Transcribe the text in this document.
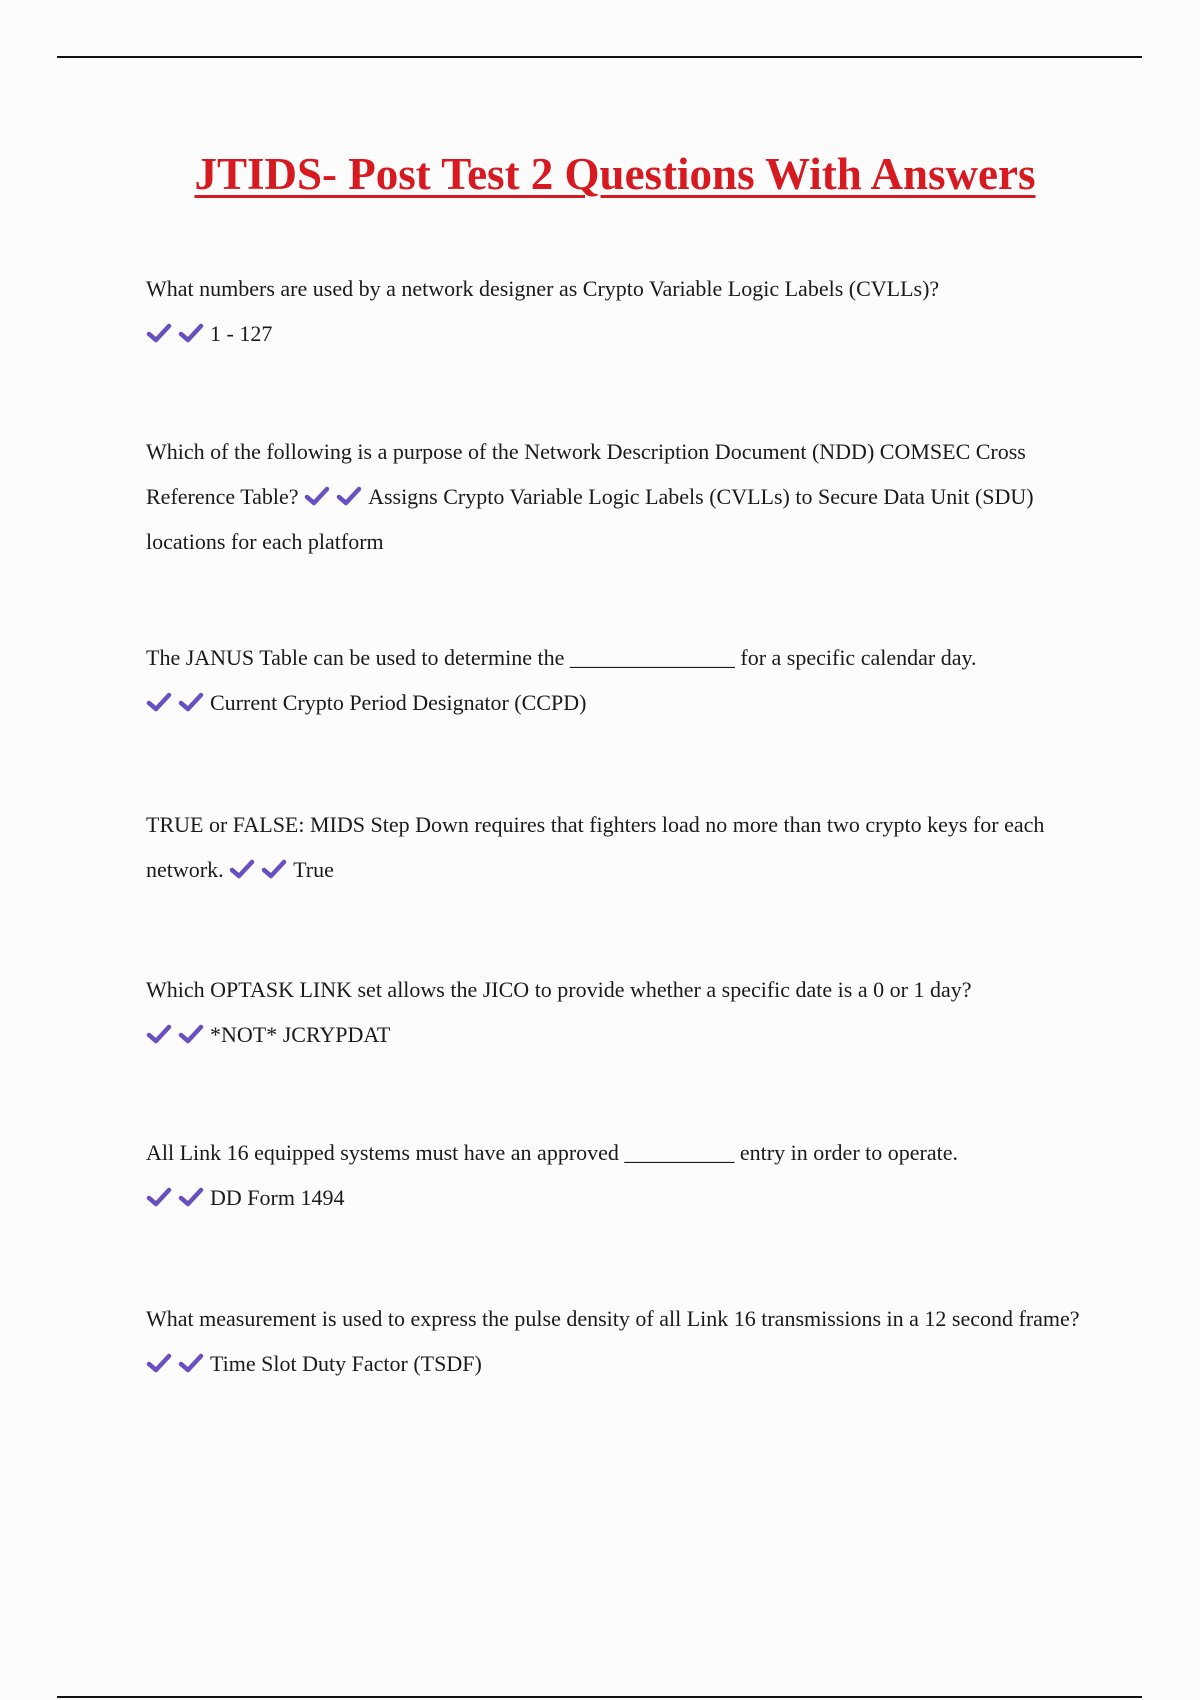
JTIDS- Post Test 2 Questions With Answers
What numbers are used by a network designer as Crypto Variable Logic Labels (CVLLs)?

1 - 127
Which of the following is a purpose of the Network Description Document (NDD) COMSEC Cross Reference Table?	Assigns Crypto Variable Logic Labels (CVLLs) to Secure Data Unit (SDU) locations for each platform
The JANUS Table can be used to determine the _______________ for a specific calendar day.

Current Crypto Period Designator (CCPD)
TRUE or FALSE: MIDS Step Down requires that fighters load no more than two crypto keys for each network.	True
Which OPTASK LINK set allows the JICO to provide whether a specific date is a 0 or 1 day?

*NOT* JCRYPDAT
All Link 16 equipped systems must have an approved __________ entry in order to operate.

DD Form 1494
What measurement is used to express the pulse density of all Link 16 transmissions in a 12 second frame?
Time Slot Duty Factor (TSDF)
